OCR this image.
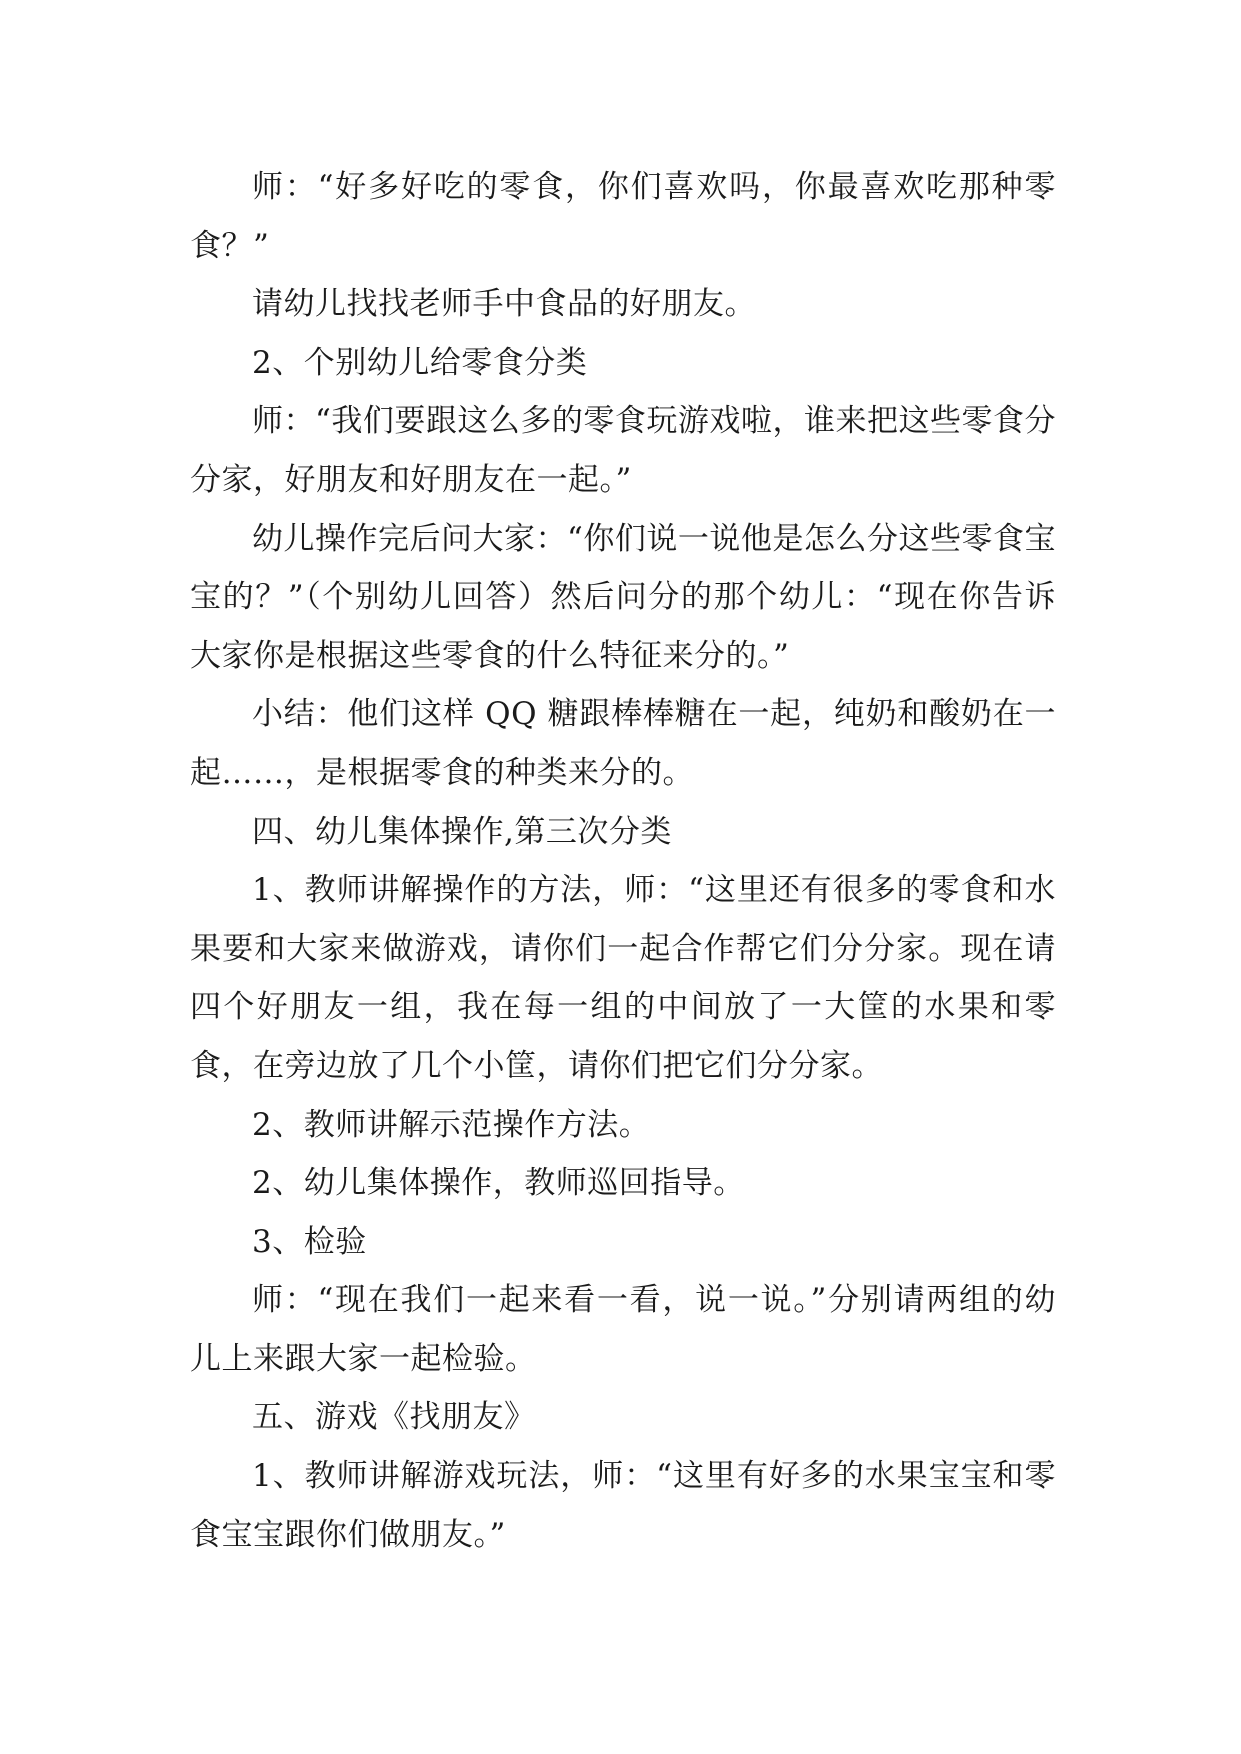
师：“好多好吃的零食，你们喜欢吗，你最喜欢吃那种零食？”

请幼儿找找老师手中食品的好朋友。

2、个别幼儿给零食分类

师：“我们要跟这么多的零食玩游戏啦，谁来把这些零食分分家，好朋友和好朋友在一起。”

幼儿操作完后问大家：“你们说一说他是怎么分这些零食宝宝的？”（个别幼儿回答）然后问分的那个幼儿：“现在你告诉大家你是根据这些零食的什么特征来分的。”

小结：他们这样 QQ 糖跟棒棒糖在一起，纯奶和酸奶在一起……，是根据零食的种类来分的。

四、幼儿集体操作,第三次分类

1、教师讲解操作的方法，师：“这里还有很多的零食和水果要和大家来做游戏，请你们一起合作帮它们分分家。现在请四个好朋友一组，我在每一组的中间放了一大筐的水果和零食，在旁边放了几个小筐，请你们把它们分分家。

2、教师讲解示范操作方法。

2、幼儿集体操作，教师巡回指导。

3、检验

师：“现在我们一起来看一看，说一说。”分别请两组的幼儿上来跟大家一起检验。

五、游戏《找朋友》

1、教师讲解游戏玩法，师：“这里有好多的水果宝宝和零食宝宝跟你们做朋友。”
